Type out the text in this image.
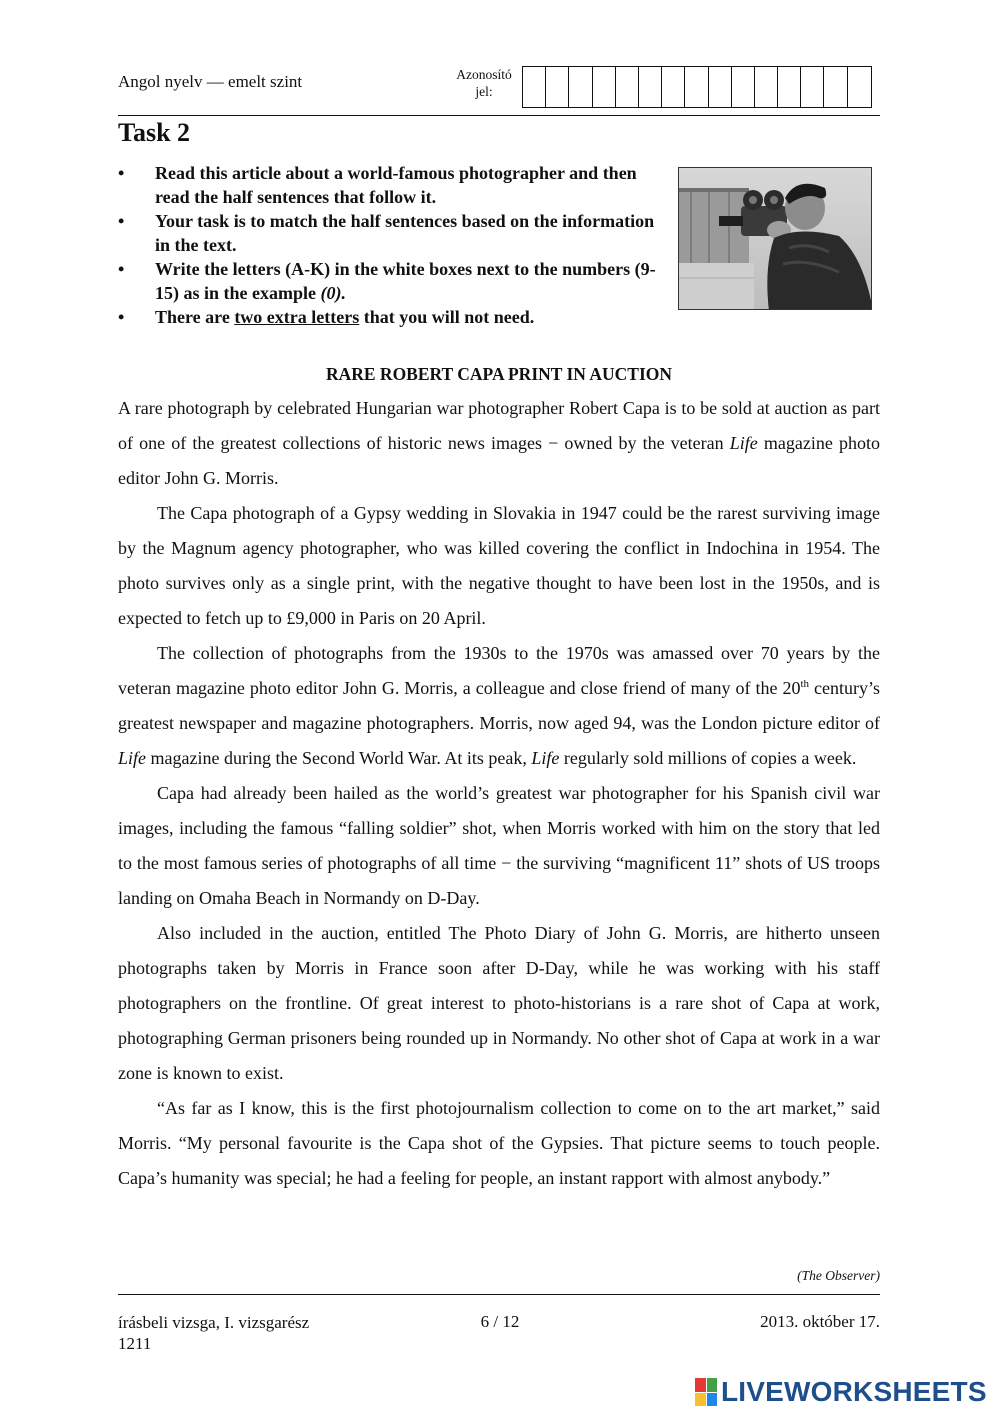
Angol nyelv — emelt szint	Azonosító
jel:
Task 2
• Read this article about a world-famous photographer and then read the half sentences that follow it.
• Your task is to match the half sentences based on the information in the text.
• Write the letters (A-K) in the white boxes next to the numbers (9-15) as in the example (0).
• There are two extra letters that you will not need.
RARE ROBERT CAPA PRINT IN AUCTION

A rare photograph by celebrated Hungarian war photographer Robert Capa is to be sold at auction as part of one of the greatest collections of historic news images − owned by the veteran Life magazine photo editor John G. Morris.

The Capa photograph of a Gypsy wedding in Slovakia in 1947 could be the rarest surviving image by the Magnum agency photographer, who was killed covering the conflict in Indochina in 1954. The photo survives only as a single print, with the negative thought to have been lost in the 1950s, and is expected to fetch up to £9,000 in Paris on 20 April.

The collection of photographs from the 1930s to the 1970s was amassed over 70 years by the veteran magazine photo editor John G. Morris, a colleague and close friend of many of the 20th century’s greatest newspaper and magazine photographers. Morris, now aged 94, was the London picture editor of Life magazine during the Second World War. At its peak, Life regularly sold millions of copies a week.

Capa had already been hailed as the world’s greatest war photographer for his Spanish civil war images, including the famous “falling soldier” shot, when Morris worked with him on the story that led to the most famous series of photographs of all time − the surviving “magnificent 11” shots of US troops landing on Omaha Beach in Normandy on D-Day.

Also included in the auction, entitled The Photo Diary of John G. Morris, are hitherto unseen photographs taken by Morris in France soon after D-Day, while he was working with his staff photographers on the frontline. Of great interest to photo-historians is a rare shot of Capa at work, photographing German prisoners being rounded up in Normandy. No other shot of Capa at work in a war zone is known to exist.

“As far as I know, this is the first photojournalism collection to come on to the art market,” said Morris. “My personal favourite is the Capa shot of the Gypsies. That picture seems to touch people. Capa’s humanity was special; he had a feeling for people, an instant rapport with almost anybody.”

(The Observer)
írásbeli vizsga, I. vizsgarész
1211
6 / 12	2013. október 17.
LIVEWORKSHEETS
